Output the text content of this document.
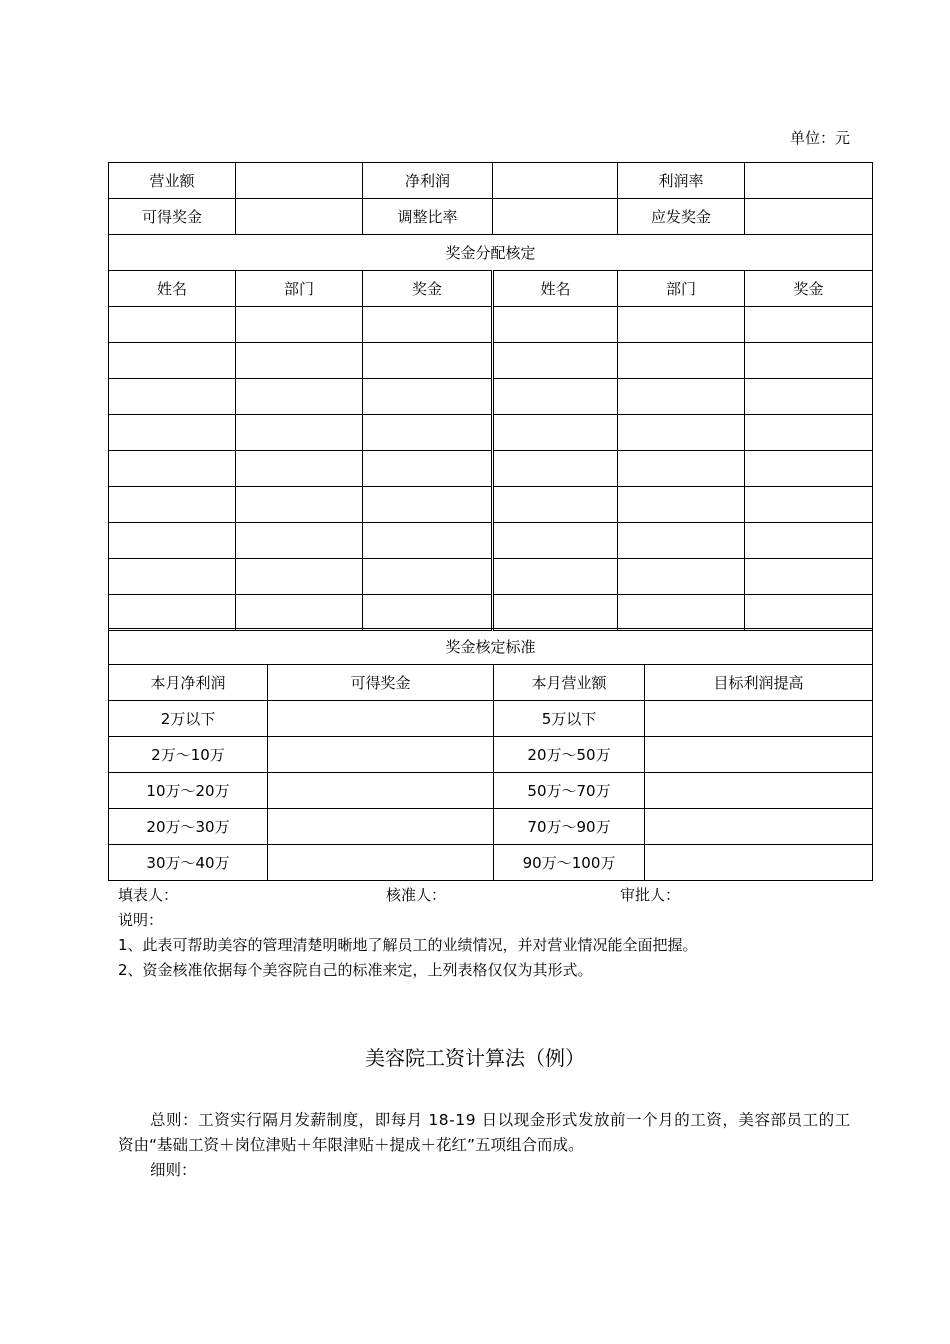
单位：元
营业额		净利润		利润率	
可得奖金		调整比率		应发奖金	
奖金分配核定					
姓名	部门	奖金	姓名	部门	奖金

奖金核定标准			
本月净利润	可得奖金	本月营业额	目标利润提高
2万以下		5万以下	
2万～10万		20万～50万	
10万～20万		50万～70万	
20万～30万		70万～90万	
30万～40万		90万～100万	
填表人：	核准人：	审批人：
说明：
1、此表可帮助美容的管理清楚明晰地了解员工的业绩情况，并对营业情况能全面把握。
2、资金核准依据每个美容院自己的标准来定，上列表格仅仅为其形式。
美容院工资计算法（例）
总则：工资实行隔月发薪制度，即每月 18-19 日以现金形式发放前一个月的工资，美容部员工的工
资由“基础工资＋岗位津贴＋年限津贴＋提成＋花红”五项组合而成。
细则：
